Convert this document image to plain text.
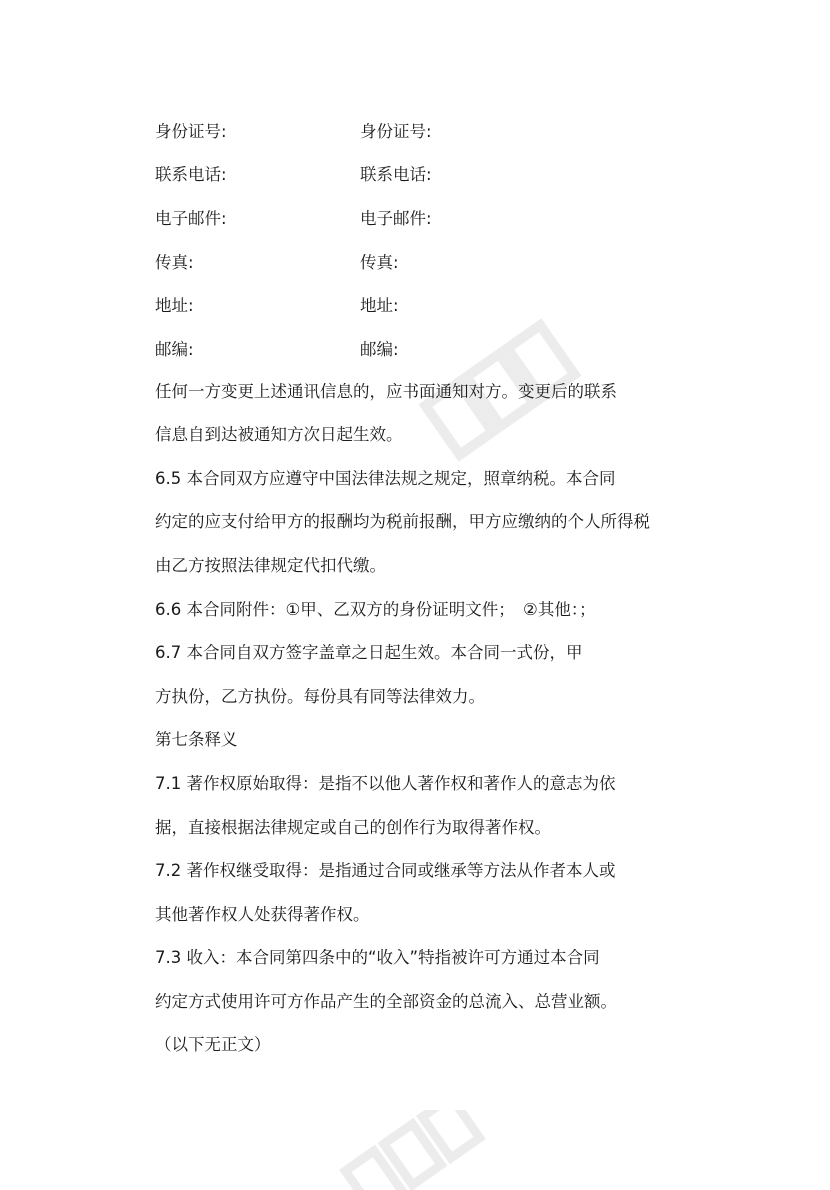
身份证号:	身份证号:
联系电话:	联系电话:
电子邮件:	电子邮件:
传真:	传真:
地址:	地址:
邮编:	邮编:
任何一方变更上述通讯信息的，应书面通知对方。变更后的联系
信息自到达被通知方次日起生效。
6.5 本合同双方应遵守中国法律法规之规定，照章纳税。本合同
约定的应支付给甲方的报酬均为税前报酬，甲方应缴纳的个人所得税
由乙方按照法律规定代扣代缴。
6.6 本合同附件：①甲、乙双方的身份证明文件；　②其他：；
6.7 本合同自双方签字盖章之日起生效。本合同一式份，甲
方执份，乙方执份。每份具有同等法律效力。
第七条释义
7.1 著作权原始取得：是指不以他人著作权和著作人的意志为依
据，直接根据法律规定或自己的创作行为取得著作权。
7.2 著作权继受取得：是指通过合同或继承等方法从作者本人或
其他著作权人处获得著作权。
7.3 收入：本合同第四条中的“收入”特指被许可方通过本合同
约定方式使用许可方作品产生的全部资金的总流入、总营业额。
（以下无正文）
